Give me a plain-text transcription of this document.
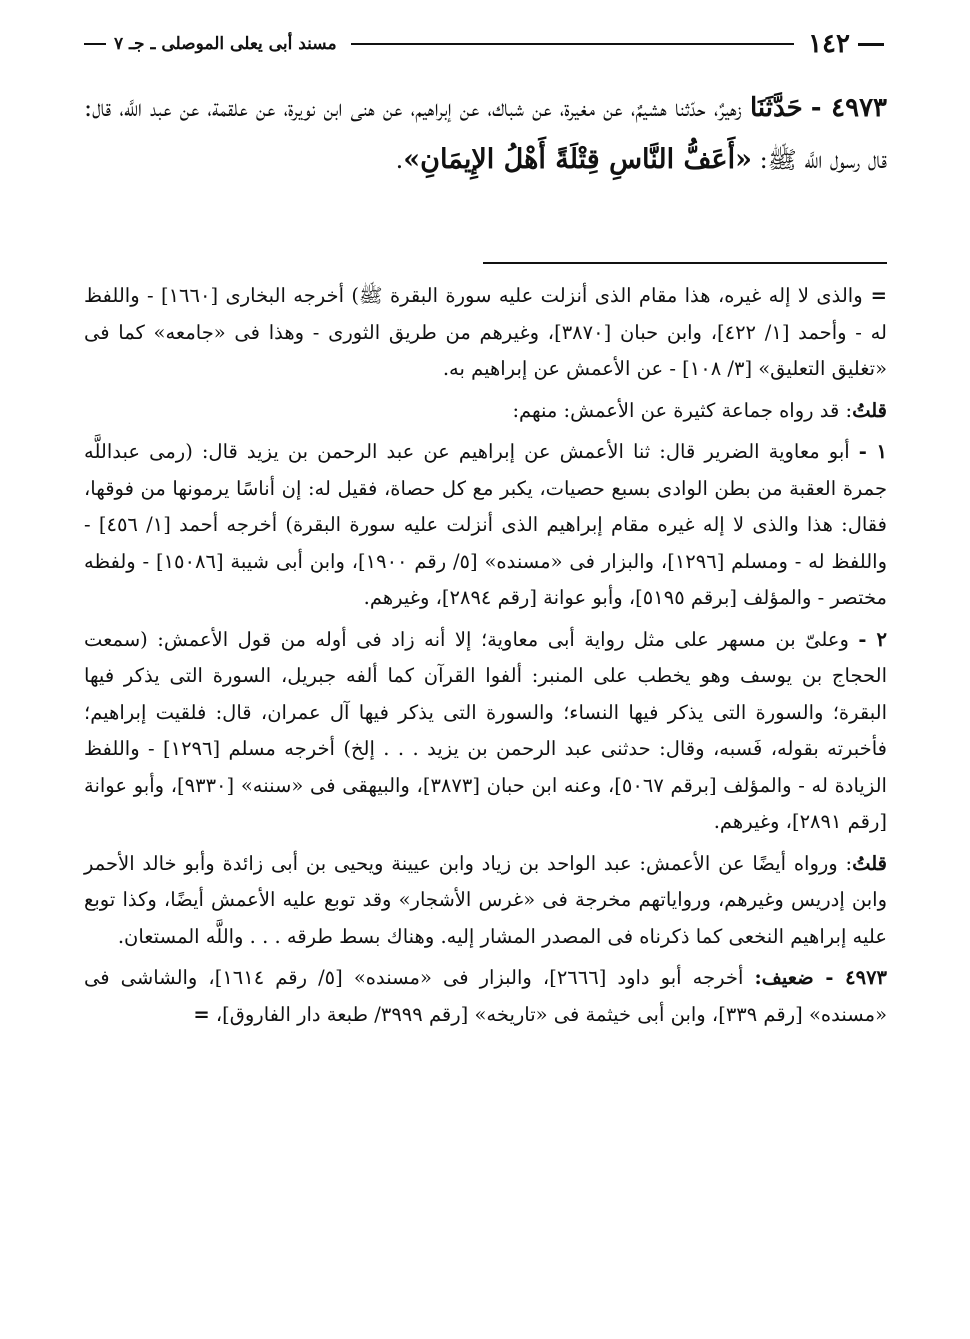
١٤٢
مسند أبى يعلى الموصلى ـ جـ ٧
٤٩٧٣ - حَدَّثَنَا زهيرٌ، حدّثنا هشيمٌ، عن مغيرة، عن شباك، عن إبراهيم، عن هنى ابن نويرة، عن علقمة، عن عبد اللَّه، قال: قال رسول اللَّه ﷺ: «أَعَفُّ النَّاسِ قِتْلَةً أَهْلُ الإِيمَانِ».

=والذى لا إله غيره، هذا مقام الذى أنزلت عليه سورة البقرة ﷺ) أخرجه البخارى [١٦٦٠] - واللفظ له - وأحمد [١/ ٤٢٢]، وابن حبان [٣٨٧٠]، وغيرهم من طريق الثورى - وهذا فى «جامعه» كما فى «تغليق التعليق» [٣/ ١٠٨] - عن الأعمش عن إبراهيم به.

قلتُ: قد رواه جماعة كثيرة عن الأعمش: منهم:

١ - أبو معاوية الضرير قال: ثنا الأعمش عن إبراهيم عن عبد الرحمن بن يزيد قال: (رمى عبداللَّه جمرة العقبة من بطن الوادى بسبع حصيات، يكبر مع كل حصاة، فقيل له: إن أناسًا يرمونها من فوقها، فقال: هذا والذى لا إله غيره مقام إبراهيم الذى أنزلت عليه سورة البقرة) أخرجه أحمد [١/ ٤٥٦] - واللفظ له - ومسلم [١٢٩٦]، والبزار فى «مسنده» [٥/ رقم ١٩٠٠]، وابن أبى شيبة [١٥٠٨٦] - ولفظه مختصر - والمؤلف [برقم ٥١٩٥]، وأبو عوانة [رقم ٢٨٩٤]، وغيرهم.

٢ - وعلىّ بن مسهر على مثل رواية أبى معاوية؛ إلا أنه زاد فى أوله من قول الأعمش: (سمعت الحجاج بن يوسف وهو يخطب على المنبر: ألفوا القرآن كما ألفه جبريل، السورة التى يذكر فيها البقرة؛ والسورة التى يذكر فيها النساء؛ والسورة التى يذكر فيها آل عمران، قال: فلقيت إبراهيم؛ فأخبرته بقوله، فَسبه، وقال: حدثنى عبد الرحمن بن يزيد . . . إلخ) أخرجه مسلم [١٢٩٦] - واللفظ الزيادة له - والمؤلف [برقم ٥٠٦٧]، وعنه ابن حبان [٣٨٧٣]، والبيهقى فى «سننه» [٩٣٣٠]، وأبو عوانة [رقم ٢٨٩١]، وغيرهم.

قلتُ: ورواه أيضًا عن الأعمش: عبد الواحد بن زياد وابن عيينة ويحيى بن أبى زائدة وأبو خالد الأحمر وابن إدريس وغيرهم، ورواياتهم مخرجة فى «غرس الأشجار» وقد توبع عليه الأعمش أيضًا، وكذا توبع عليه إبراهيم النخعى كما ذكرناه فى المصدر المشار إليه. وهناك بسط طرقه . . . واللَّه المستعان.

٤٩٧٣ - ضعيف: أخرجه أبو داود [٢٦٦٦]، والبزار فى «مسنده» [٥/ رقم ١٦١٤]، والشاشى فى «مسنده» [رقم ٣٣٩]، وابن أبى خيثمة فى «تاريخه» [رقم ٣٩٩٩/ طبعة دار الفاروق]، =
